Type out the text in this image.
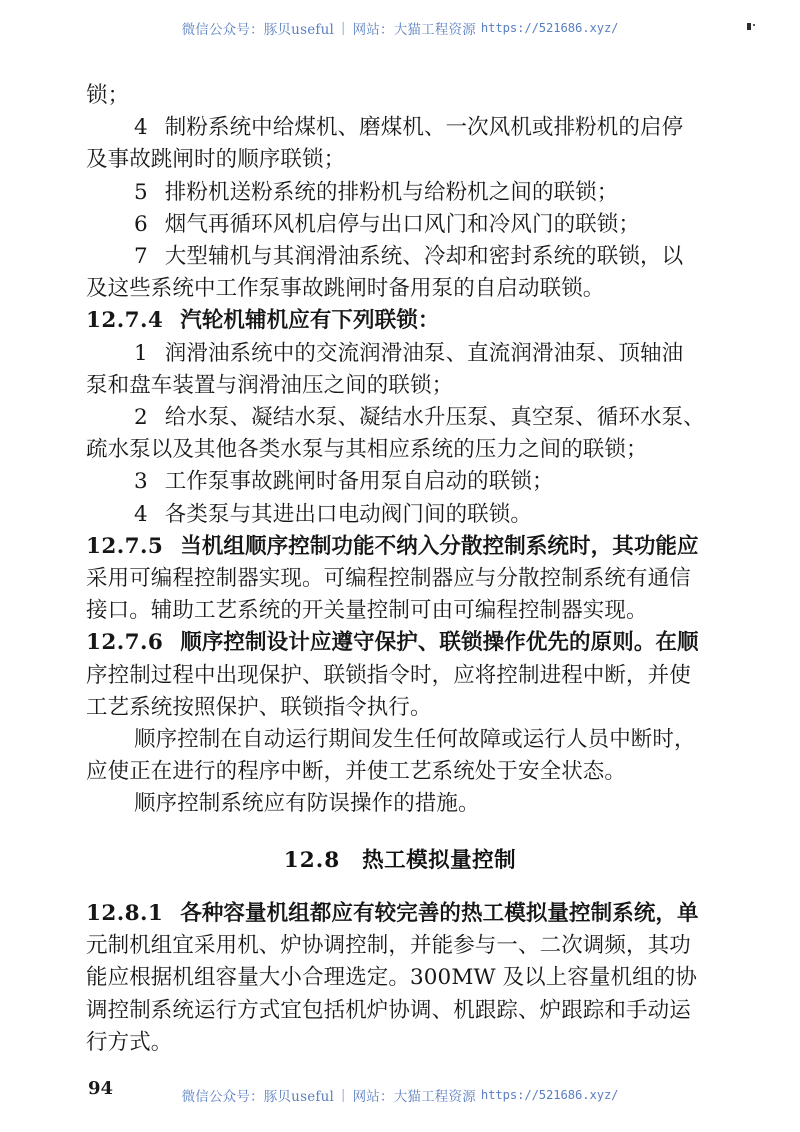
微信公众号：豚贝useful | 网站：大猫工程资源 https://521686.xyz/
锁；
4 制粉系统中给煤机、磨煤机、一次风机或排粉机的启停
及事故跳闸时的顺序联锁；
5 排粉机送粉系统的排粉机与给粉机之间的联锁；
6 烟气再循环风机启停与出口风门和冷风门的联锁；
7 大型辅机与其润滑油系统、冷却和密封系统的联锁，以
及这些系统中工作泵事故跳闸时备用泵的自启动联锁。
12.7.4 汽轮机辅机应有下列联锁：
1 润滑油系统中的交流润滑油泵、直流润滑油泵、顶轴油
泵和盘车装置与润滑油压之间的联锁；
2 给水泵、凝结水泵、凝结水升压泵、真空泵、循环水泵、
疏水泵以及其他各类水泵与其相应系统的压力之间的联锁；
3 工作泵事故跳闸时备用泵自启动的联锁；
4 各类泵与其进出口电动阀门间的联锁。
12.7.5 当机组顺序控制功能不纳入分散控制系统时，其功能应
采用可编程控制器实现。可编程控制器应与分散控制系统有通信
接口。辅助工艺系统的开关量控制可由可编程控制器实现。
12.7.6 顺序控制设计应遵守保护、联锁操作优先的原则。在顺
序控制过程中出现保护、联锁指令时，应将控制进程中断，并使
工艺系统按照保护、联锁指令执行。
顺序控制在自动运行期间发生任何故障或运行人员中断时，
应使正在进行的程序中断，并使工艺系统处于安全状态。
顺序控制系统应有防误操作的措施。
12.8 热工模拟量控制
12.8.1 各种容量机组都应有较完善的热工模拟量控制系统，单
元制机组宜采用机、炉协调控制，并能参与一、二次调频，其功
能应根据机组容量大小合理选定。300MW 及以上容量机组的协
调控制系统运行方式宜包括机炉协调、机跟踪、炉跟踪和手动运
行方式。
94	微信公众号：豚贝useful | 网站：大猫工程资源 https://521686.xyz/
